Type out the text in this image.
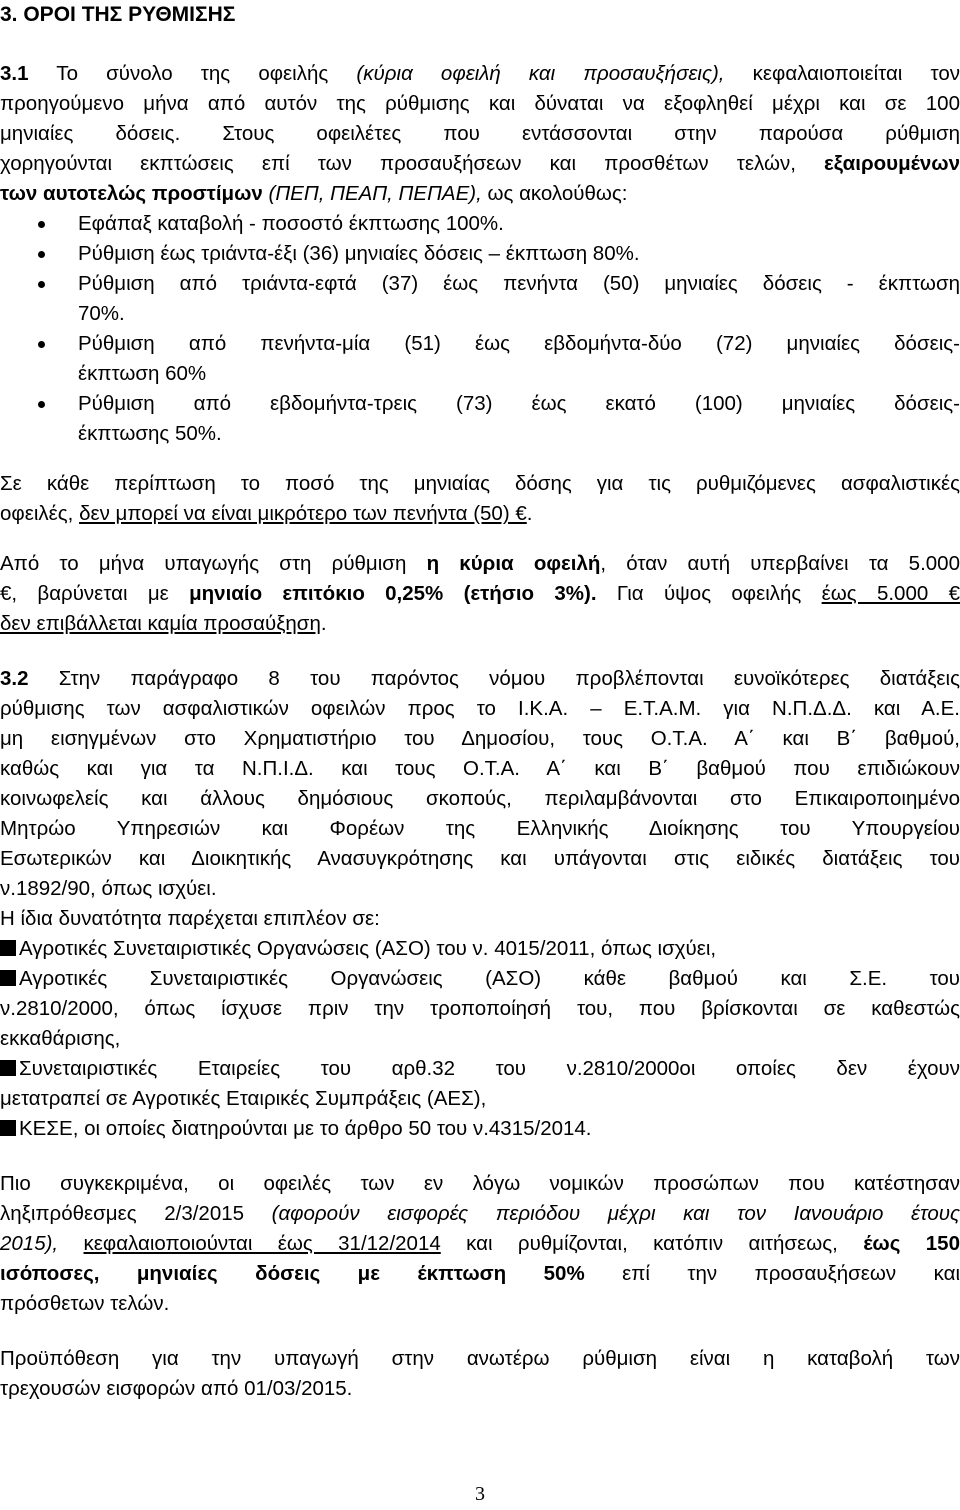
3. ΟΡΟΙ ΤΗΣ ΡΥΘΜΙΣΗΣ
3.1 Το σύνολο της οφειλής (κύρια οφειλή και προσαυξήσεις), κεφαλαιοποιείται τον
προηγούμενο μήνα από αυτόν της ρύθμισης και δύναται να εξοφληθεί μέχρι και σε 100
μηνιαίες δόσεις. Στους οφειλέτες που εντάσσονται στην παρούσα ρύθμιση
χορηγούνται εκπτώσεις επί των προσαυξήσεων και προσθέτων τελών, εξαιρουμένων
των αυτοτελώς προστίμων (ΠΕΠ, ΠΕΑΠ, ΠΕΠΑΕ), ως ακολούθως:
Εφάπαξ καταβολή - ποσοστό έκπτωσης 100%.
Ρύθμιση έως τριάντα-έξι (36) μηνιαίες δόσεις – έκπτωση 80%.
Ρύθμιση από τριάντα-εφτά (37) έως πενήντα (50) μηνιαίες δόσεις - έκπτωση
70%.
Ρύθμιση από πενήντα-μία (51) έως εβδομήντα-δύο (72) μηνιαίες δόσεις-
έκπτωση 60%
Ρύθμιση από εβδομήντα-τρεις (73) έως εκατό (100) μηνιαίες δόσεις-
έκπτωσης 50%.
Σε κάθε περίπτωση το ποσό της μηνιαίας δόσης για τις ρυθμιζόμενες ασφαλιστικές
οφειλές, δεν μπορεί να είναι μικρότερο των πενήντα (50) €.
Από το μήνα υπαγωγής στη ρύθμιση η κύρια οφειλή, όταν αυτή υπερβαίνει τα 5.000
€, βαρύνεται με μηνιαίο επιτόκιο 0,25% (ετήσιο 3%). Για ύψος οφειλής έως 5.000 €
δεν επιβάλλεται καμία προσαύξηση.
3.2 Στην παράγραφο 8 του παρόντος νόμου προβλέπονται ευνοϊκότερες διατάξεις
ρύθμισης των ασφαλιστικών οφειλών προς το Ι.Κ.Α. – Ε.Τ.Α.Μ. για Ν.Π.Δ.Δ. και Α.Ε.
μη εισηγμένων στο Χρηματιστήριο του Δημοσίου, τους Ο.Τ.Α. Α΄ και Β΄ βαθμού,
καθώς και για τα Ν.Π.Ι.Δ. και τους Ο.Τ.Α. Α΄ και Β΄ βαθμού που επιδιώκουν
κοινωφελείς και άλλους δημόσιους σκοπούς, περιλαμβάνονται στο Επικαιροποιημένο
Μητρώο Υπηρεσιών και Φορέων της Ελληνικής Διοίκησης του Υπουργείου
Εσωτερικών και Διοικητικής Ανασυγκρότησης και υπάγονται στις ειδικές διατάξεις του
ν.1892/90, όπως ισχύει.
Η ίδια δυνατότητα παρέχεται επιπλέον σε:
Αγροτικές Συνεταιριστικές Οργανώσεις (ΑΣΟ) του ν. 4015/2011, όπως ισχύει,
Αγροτικές Συνεταιριστικές Οργανώσεις (ΑΣΟ) κάθε βαθμού και Σ.Ε. του
ν.2810/2000, όπως ίσχυσε πριν την τροποποίησή του, που βρίσκονται σε καθεστώς
εκκαθάρισης,
Συνεταιριστικές Εταιρείες του αρθ.32 του ν.2810/2000οι οποίες δεν έχουν
μετατραπεί σε Αγροτικές Εταιρικές Συμπράξεις (ΑΕΣ),
ΚΕΣΕ, οι οποίες διατηρούνται με το άρθρο 50 του ν.4315/2014.
Πιο συγκεκριμένα, οι οφειλές των εν λόγω νομικών προσώπων που κατέστησαν
ληξιπρόθεσμες 2/3/2015 (αφορούν εισφορές περιόδου μέχρι και τον Ιανουάριο έτους
2015), κεφαλαιοποιούνται έως 31/12/2014 και ρυθμίζονται, κατόπιν αιτήσεως, έως 150
ισόποσες, μηνιαίες δόσεις με έκπτωση 50% επί την προσαυξήσεων και
πρόσθετων τελών.
Προϋπόθεση για την υπαγωγή στην ανωτέρω ρύθμιση είναι η καταβολή των
τρεχουσών εισφορών από 01/03/2015.
3
